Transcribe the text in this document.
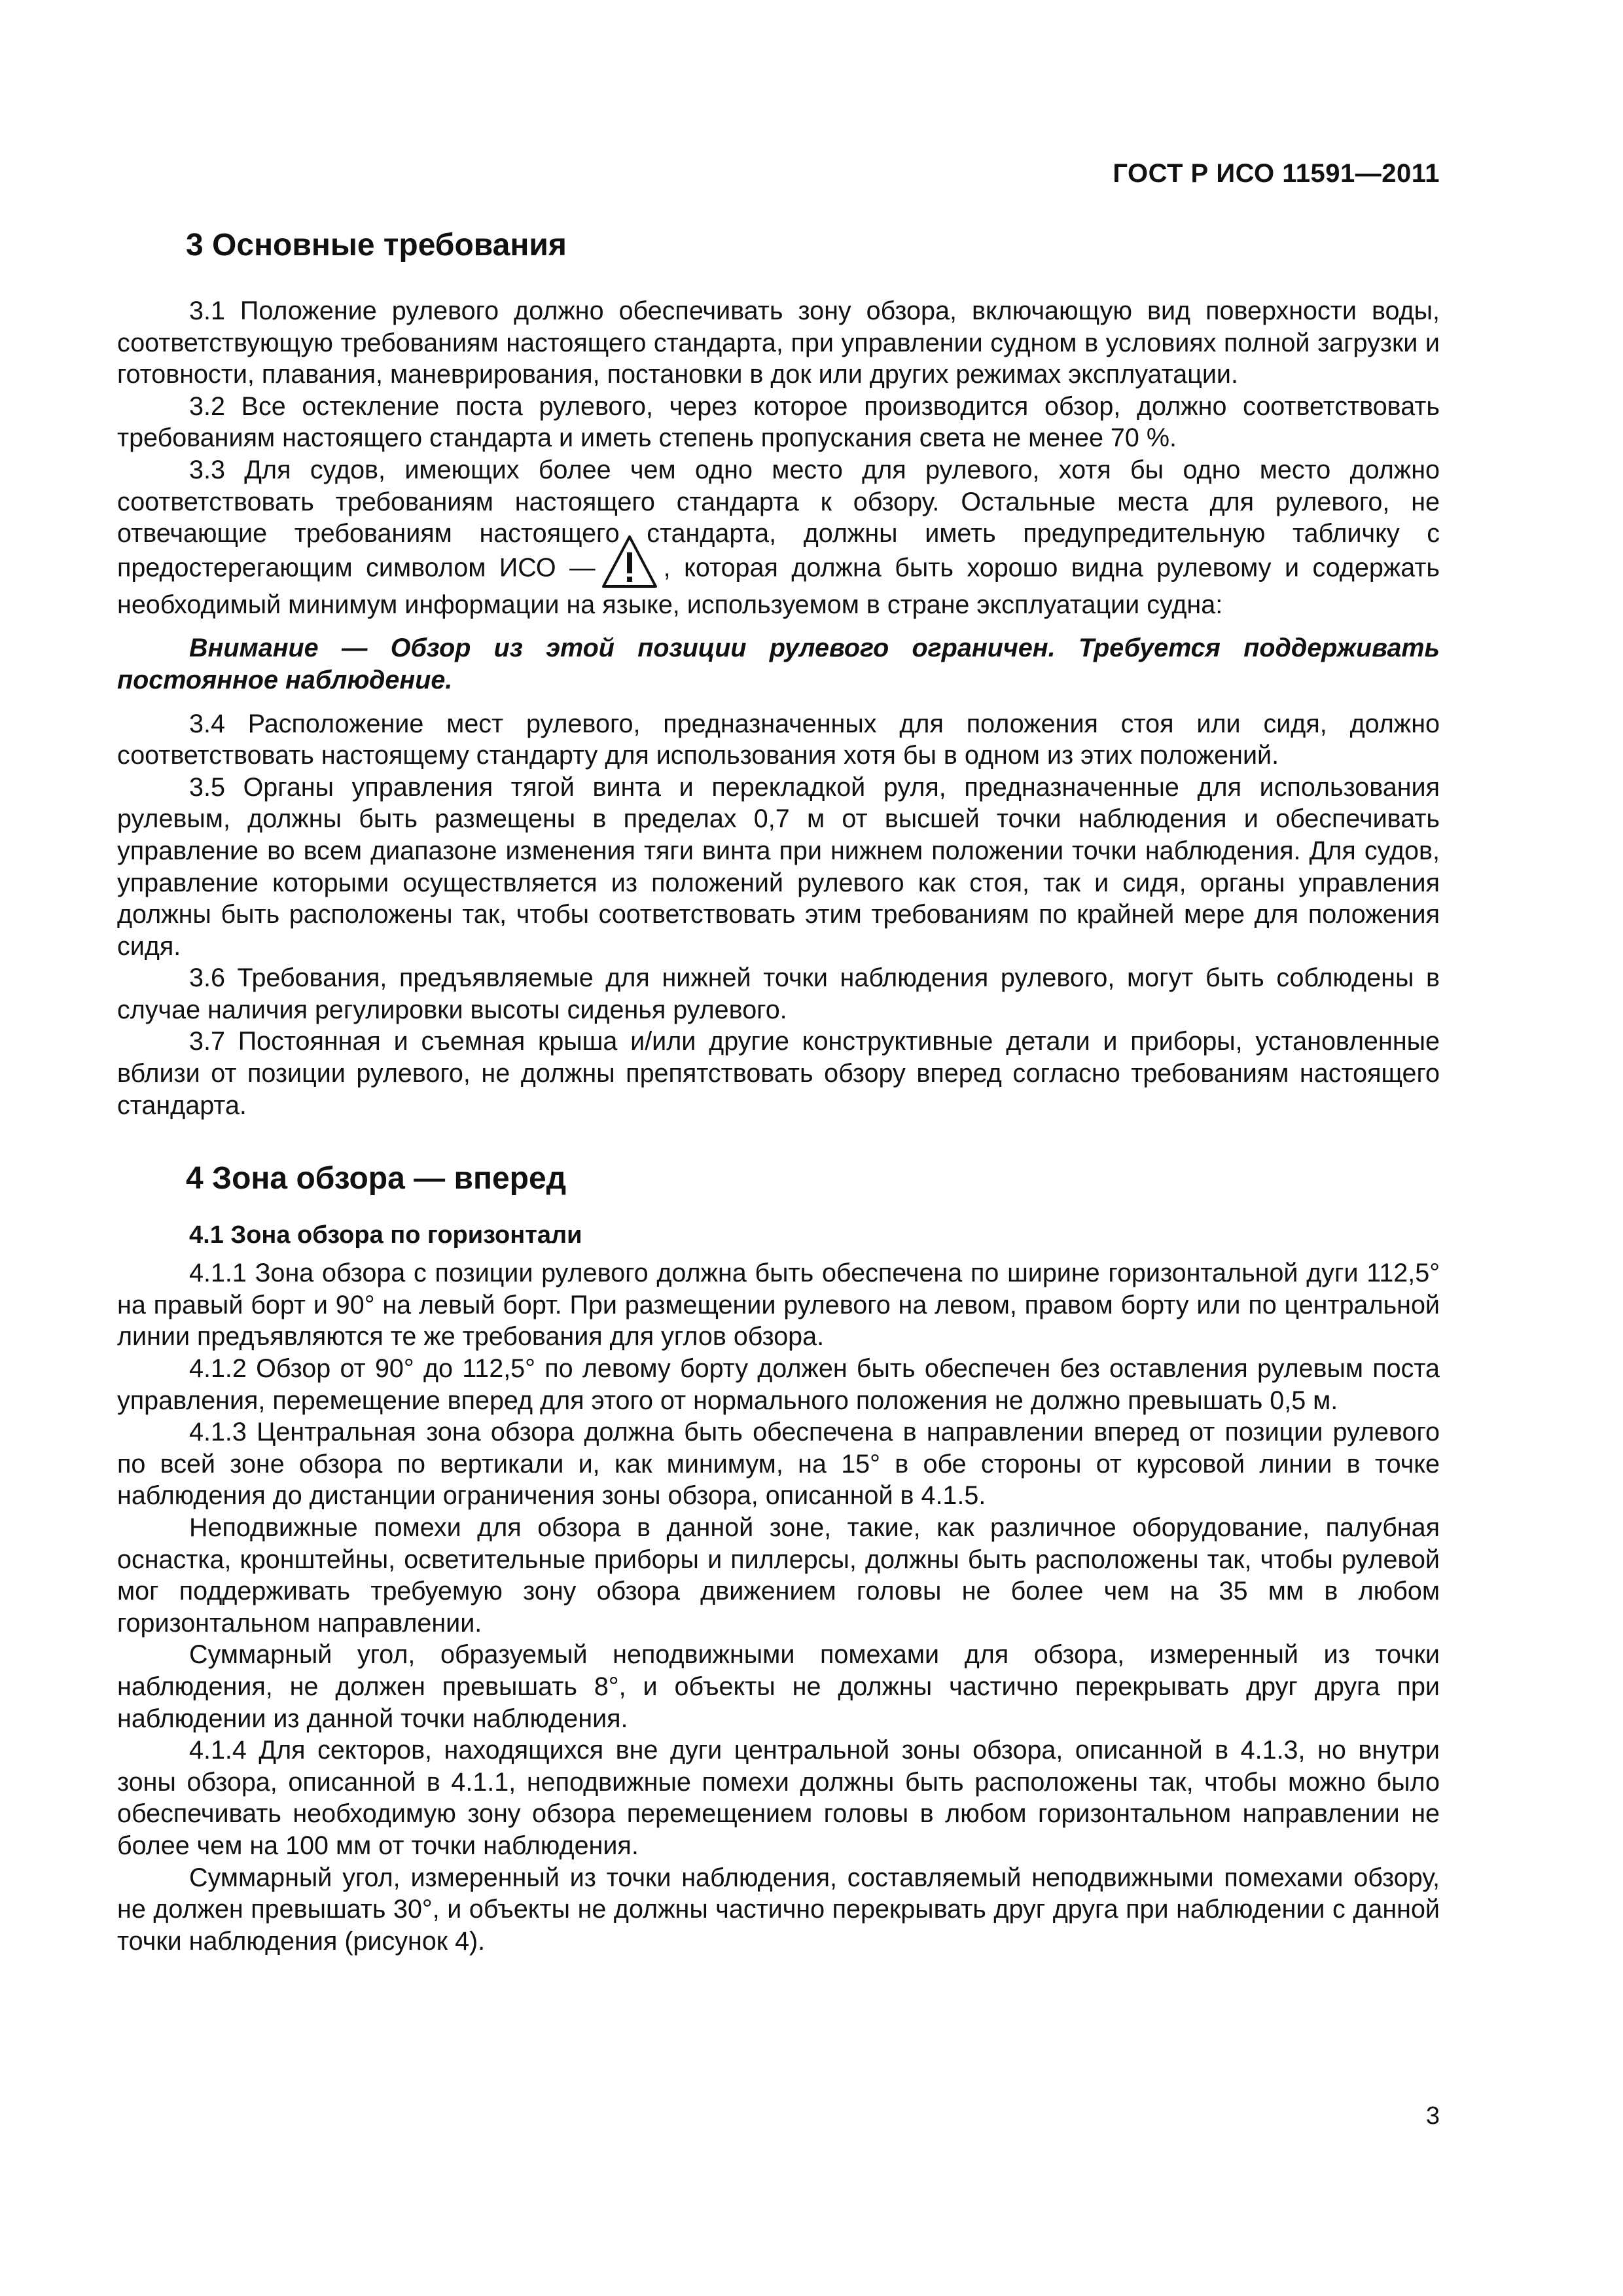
ГОСТ Р ИСО 11591—2011
3 Основные требования

3.1 Положение рулевого должно обеспечивать зону обзора, включающую вид поверхности воды, соответствующую требованиям настоящего стандарта, при управлении судном в условиях полной загрузки и готовности, плавания, маневрирования, постановки в док или других режимах эксплуатации.

3.2 Все остекление поста рулевого, через которое производится обзор, должно соответствовать требованиям настоящего стандарта и иметь степень пропускания света не менее 70 %.

3.3 Для судов, имеющих более чем одно место для рулевого, хотя бы одно место должно соответствовать требованиям настоящего стандарта к обзору. Остальные места для рулевого, не отвечающие требованиям настоящего стандарта, должны иметь предупредительную табличку с предостерегающим символом ИСО —	, которая должна быть хорошо видна рулевому и содержать необходимый минимум информации на языке, используемом в стране эксплуатации судна:

Внимание — Обзор из этой позиции рулевого ограничен. Требуется поддерживать постоянное наблюдение.

3.4 Расположение мест рулевого, предназначенных для положения стоя или сидя, должно соответствовать настоящему стандарту для использования хотя бы в одном из этих положений.

3.5 Органы управления тягой винта и перекладкой руля, предназначенные для использования рулевым, должны быть размещены в пределах 0,7 м от высшей точки наблюдения и обеспечивать управление во всем диапазоне изменения тяги винта при нижнем положении точки наблюдения. Для судов, управление которыми осуществляется из положений рулевого как стоя, так и сидя, органы управления должны быть расположены так, чтобы соответствовать этим требованиям по крайней мере для положения сидя.

3.6 Требования, предъявляемые для нижней точки наблюдения рулевого, могут быть соблюдены в случае наличия регулировки высоты сиденья рулевого.

3.7 Постоянная и съемная крыша и/или другие конструктивные детали и приборы, установленные вблизи от позиции рулевого, не должны препятствовать обзору вперед согласно требованиям настоящего стандарта.

4 Зона обзора — вперед
4.1 Зона обзора по горизонтали

4.1.1 Зона обзора с позиции рулевого должна быть обеспечена по ширине горизонтальной дуги 112,5° на правый борт и 90° на левый борт. При размещении рулевого на левом, правом борту или по центральной линии предъявляются те же требования для углов обзора.

4.1.2 Обзор от 90° до 112,5° по левому борту должен быть обеспечен без оставления рулевым поста управления, перемещение вперед для этого от нормального положения не должно превышать 0,5 м.

4.1.3 Центральная зона обзора должна быть обеспечена в направлении вперед от позиции рулевого по всей зоне обзора по вертикали и, как минимум, на 15° в обе стороны от курсовой линии в точке наблюдения до дистанции ограничения зоны обзора, описанной в 4.1.5.

Неподвижные помехи для обзора в данной зоне, такие, как различное оборудование, палубная оснастка, кронштейны, осветительные приборы и пиллерсы, должны быть расположены так, чтобы рулевой мог поддерживать требуемую зону обзора движением головы не более чем на 35 мм в любом горизонтальном направлении.

Суммарный угол, образуемый неподвижными помехами для обзора, измеренный из точки наблюдения, не должен превышать 8°, и объекты не должны частично перекрывать друг друга при наблюдении из данной точки наблюдения.

4.1.4 Для секторов, находящихся вне дуги центральной зоны обзора, описанной в 4.1.3, но внутри зоны обзора, описанной в 4.1.1, неподвижные помехи должны быть расположены так, чтобы можно было обеспечивать необходимую зону обзора перемещением головы в любом горизонтальном направлении не более чем на 100 мм от точки наблюдения.

Суммарный угол, измеренный из точки наблюдения, составляемый неподвижными помехами обзору, не должен превышать 30°, и объекты не должны частично перекрывать друг друга при наблюдении с данной точки наблюдения (рисунок 4).

3
